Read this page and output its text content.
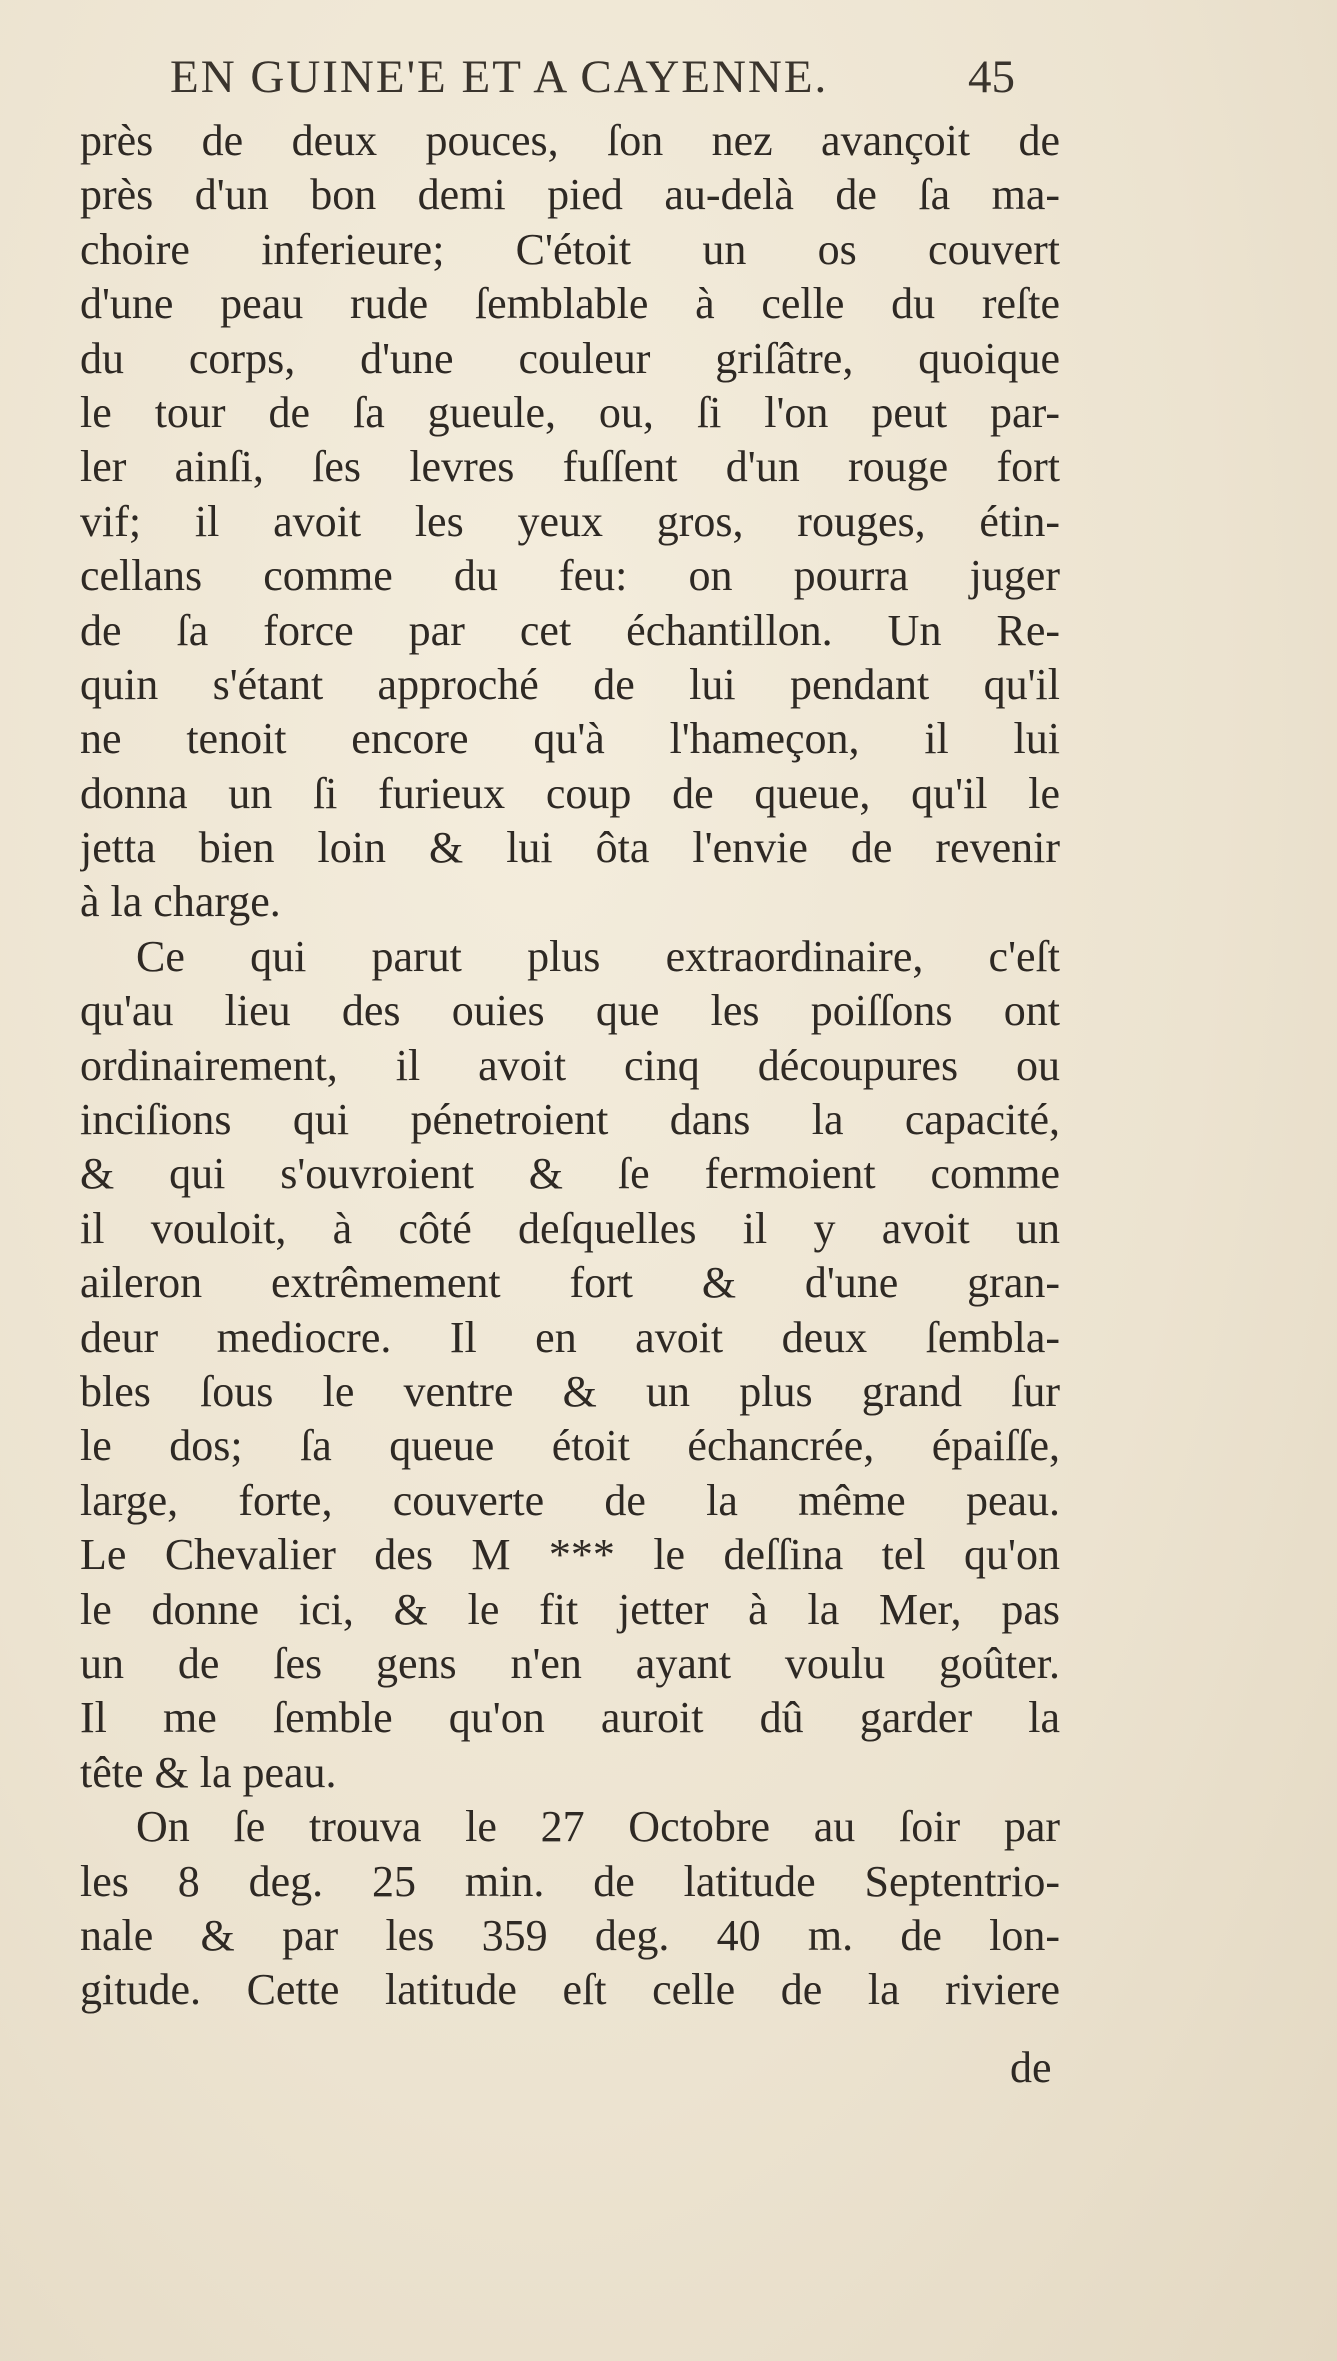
EN GUINE'E ET A CAYENNE.	45
près de deux pouces, ſon nez avançoit de
près d'un bon demi pied au-delà de ſa ma-
choire inferieure; C'étoit un os couvert
d'une peau rude ſemblable à celle du reſte
du corps, d'une couleur griſâtre, quoique
le tour de ſa gueule, ou, ſi l'on peut par-
ler ainſi, ſes levres fuſſent d'un rouge fort
vif; il avoit les yeux gros, rouges, étin-
cellans comme du feu: on pourra juger
de ſa force par cet échantillon. Un Re-
quin s'étant approché de lui pendant qu'il
ne tenoit encore qu'à l'hameçon, il lui
donna un ſi furieux coup de queue, qu'il le
jetta bien loin & lui ôta l'envie de revenir
à la charge.
Ce qui parut plus extraordinaire, c'eſt
qu'au lieu des ouies que les poiſſons ont
ordinairement, il avoit cinq découpures ou
inciſions qui pénetroient dans la capacité,
& qui s'ouvroient & ſe fermoient comme
il vouloit, à côté deſquelles il y avoit un
aileron extrêmement fort & d'une gran-
deur mediocre. Il en avoit deux ſembla-
bles ſous le ventre & un plus grand ſur
le dos; ſa queue étoit échancrée, épaiſſe,
large, forte, couverte de la même peau.
Le Chevalier des M *** le deſſina tel qu'on
le donne ici, & le fit jetter à la Mer, pas
un de ſes gens n'en ayant voulu goûter.
Il me ſemble qu'on auroit dû garder la
tête & la peau.
On ſe trouva le 27 Octobre au ſoir par
les 8 deg. 25 min. de latitude Septentrio-
nale & par les 359 deg. 40 m. de lon-
gitude. Cette latitude eſt celle de la riviere
de
